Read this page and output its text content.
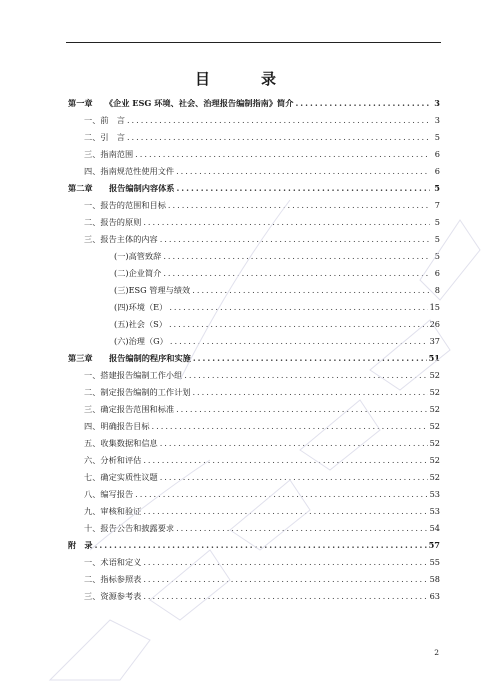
目　录
第一章　　《企业 ESG 环境、社会、治理报告编制指南》简介 .....	3
一、前　言 .....	3
二、引　言 .....	5
三、指南范围 .....	6
四、指南规范性使用文件 .....	6
第二章　　报告编制内容体系 .....	5
一、报告的范围和目标 .....	7
二、报告的原则 .....	5
三、报告主体的内容 .....	5
(一)高管致辞 .....	5
(二)企业简介 .....	6
(三)ESG 管理与绩效 .....	8
(四)环境（E） .....	15
(五)社会（S） .....	26
(六)治理（G） .....	37
第三章　　报告编制的程序和实施 .....	51
一、搭建报告编制工作小组 .....	52
二、制定报告编制的工作计划 .....	52
三、确定报告范围和标准 .....	52
四、明确报告目标 .....	52
五、收集数据和信息 .....	52
六、分析和评估 .....	52
七、确定实质性议题 .....	52
八、编写报告 .....	53
九、审核和验证 .....	53
十、报告公告和披露要求 .....	54
附　录 .....	57
一、术语和定义 .....	55
二、指标参照表 .....	58
三、资源参考表 .....	63
2
